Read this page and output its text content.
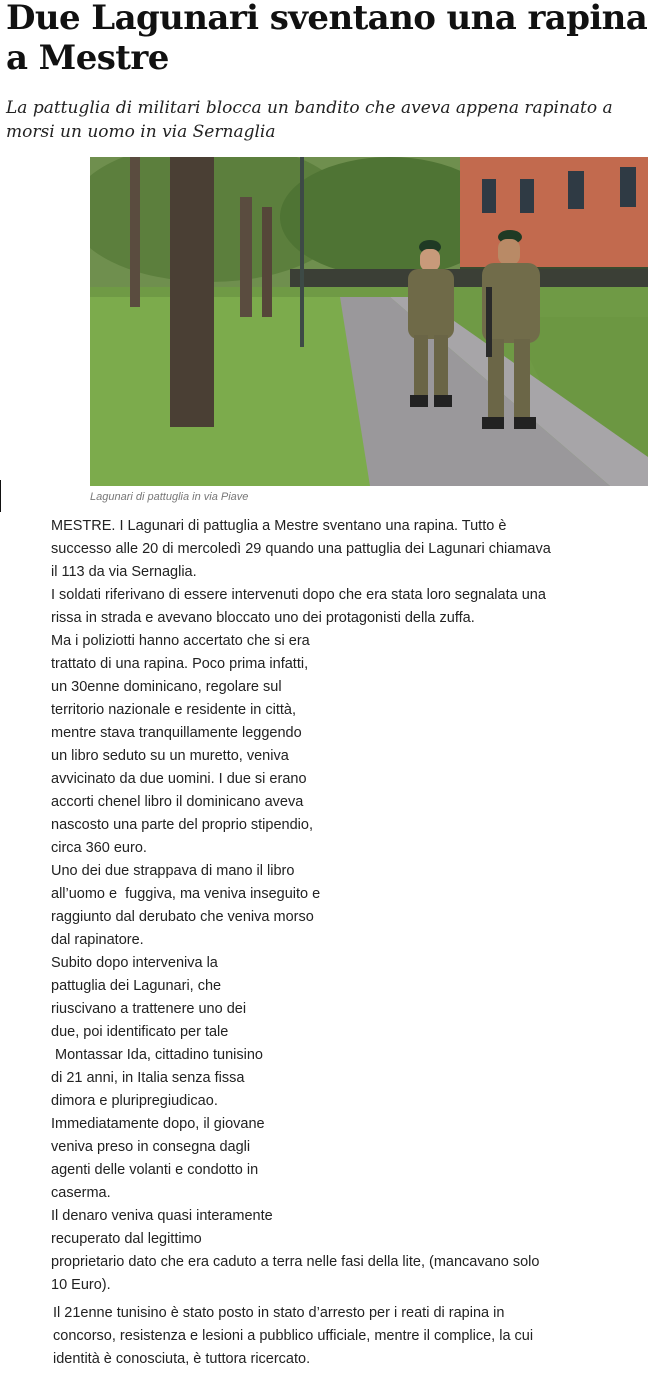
Due Lagunari sventano una rapina a Mestre

La pattuglia di militari blocca un bandito che aveva appena rapinato a morsi un uomo in via Sernaglia

Lagunari di pattuglia in via Piave

MESTRE. I Lagunari di pattuglia a Mestre sventano una rapina. Tutto è
successo alle 20 di mercoledì 29 quando una pattuglia dei Lagunari chiamava
il 113 da via Sernaglia.
I soldati riferivano di essere intervenuti dopo che era stata loro segnalata una
rissa in strada e avevano bloccato uno dei protagonisti della zuffa.
Ma i poliziotti hanno accertato che si era
trattato di una rapina. Poco prima infatti,
un 30enne dominicano, regolare sul
territorio nazionale e residente in città,
mentre stava tranquillamente leggendo
un libro seduto su un muretto, veniva
avvicinato da due uomini. I due si erano
accorti chenel libro il dominicano aveva
nascosto una parte del proprio stipendio,
circa 360 euro.
Uno dei due strappava di mano il libro
all’uomo e  fuggiva, ma veniva inseguito e
raggiunto dal derubato che veniva morso
dal rapinatore.
Subito dopo interveniva la
pattuglia dei Lagunari, che
riuscivano a trattenere uno dei
due, poi identificato per tale
Montassar Ida, cittadino tunisino
di 21 anni, in Italia senza fissa
dimora e pluripregiudicao.
Immediatamente dopo, il giovane
veniva preso in consegna dagli
agenti delle volanti e condotto in
caserma.
Il denaro veniva quasi interamente
recuperato dal legittimo
proprietario dato che era caduto a terra nelle fasi della lite, (mancavano solo
10 Euro).
Il 21enne tunisino è stato posto in stato d’arresto per i reati di rapina in
concorso, resistenza e lesioni a pubblico ufficiale, mentre il complice, la cui
identità è conosciuta, è tuttora ricercato.
